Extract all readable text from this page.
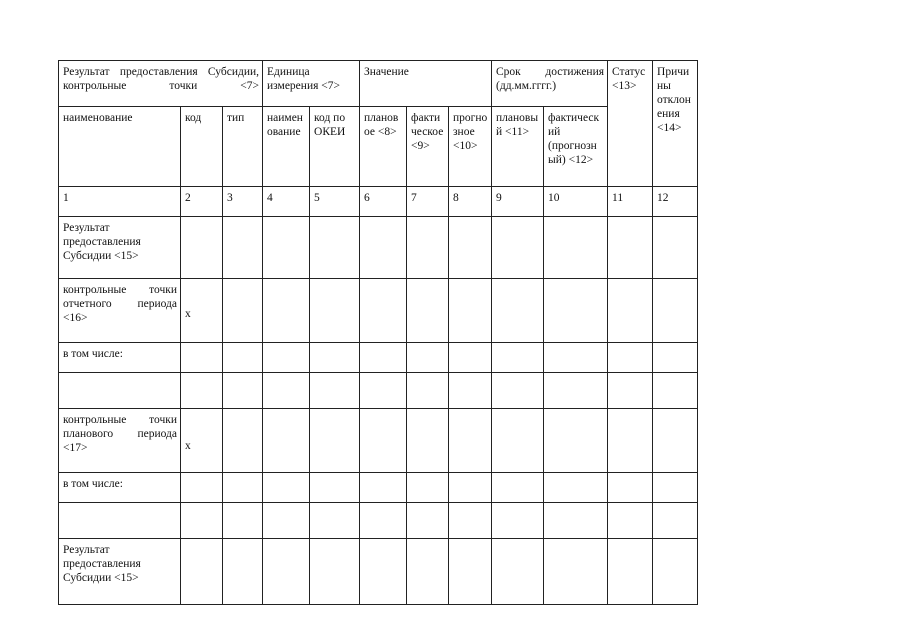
Результат предоставления Субсидии, контрольные точки <7>			Единица измерения <7>		Значение			Срок достижения (дд.мм.гггг.)		Статус <13>	Причины отклонения <14>
наименование	код	тип	наименование	код по ОКЕИ	плановое <8>	фактическое <9>	прогнозное <10>	плановый <11>	фактический (прогнозный) <12>		
1	2	3	4	5	6	7	8	9	10	11	12
Результат предоставления Субсидии <15>											
контрольные точки отчетного периода <16>	x										

в том числе:											

контрольные точки планового периода <17>	x										

в том числе:											

Результат предоставления Субсидии <15>											
